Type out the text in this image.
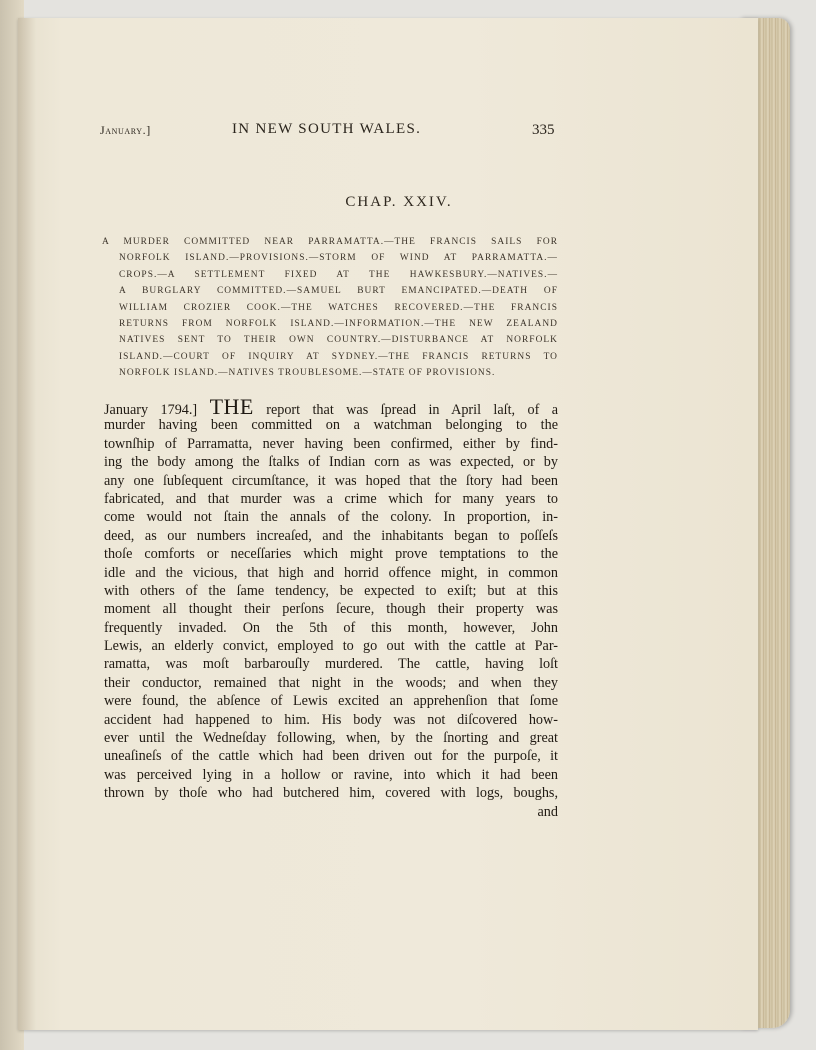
January.]	IN NEW SOUTH WALES.	335
CHAP. XXIV.
A MURDER COMMITTED NEAR PARRAMATTA.—THE FRANCIS SAILS FOR
NORFOLK ISLAND.—PROVISIONS.—STORM OF WIND AT PARRAMATTA.—
CROPS.—A SETTLEMENT FIXED AT THE HAWKESBURY.—NATIVES.—
A BURGLARY COMMITTED.—SAMUEL BURT EMANCIPATED.—DEATH OF
WILLIAM CROZIER COOK.—THE WATCHES RECOVERED.—THE FRANCIS
RETURNS FROM NORFOLK ISLAND.—INFORMATION.—THE NEW ZEALAND
NATIVES SENT TO THEIR OWN COUNTRY.—DISTURBANCE AT NORFOLK
ISLAND.—COURT OF INQUIRY AT SYDNEY.—THE FRANCIS RETURNS TO
NORFOLK ISLAND.—NATIVES TROUBLESOME.—STATE OF PROVISIONS.
January 1794.] THE report that was ſpread in April laſt, of a
murder having been committed on a watchman belonging to the
townſhip of Parramatta, never having been confirmed, either by find-
ing the body among the ſtalks of Indian corn as was expected, or by
any one ſubſequent circumſtance, it was hoped that the ſtory had been
fabricated, and that murder was a crime which for many years to
come would not ſtain the annals of the colony. In proportion, in-
deed, as our numbers increaſed, and the inhabitants began to poſſeſs
thoſe comforts or neceſſaries which might prove temptations to the
idle and the vicious, that high and horrid offence might, in common
with others of the ſame tendency, be expected to exiſt; but at this
moment all thought their perſons ſecure, though their property was
frequently invaded. On the 5th of this month, however, John
Lewis, an elderly convict, employed to go out with the cattle at Par-
ramatta, was moſt barbarouſly murdered. The cattle, having loſt
their conductor, remained that night in the woods; and when they
were found, the abſence of Lewis excited an apprehenſion that ſome
accident had happened to him. His body was not diſcovered how-
ever until the Wedneſday following, when, by the ſnorting and great
uneaſineſs of the cattle which had been driven out for the purpoſe, it
was perceived lying in a hollow or ravine, into which it had been
thrown by thoſe who had butchered him, covered with logs, boughs,
and
